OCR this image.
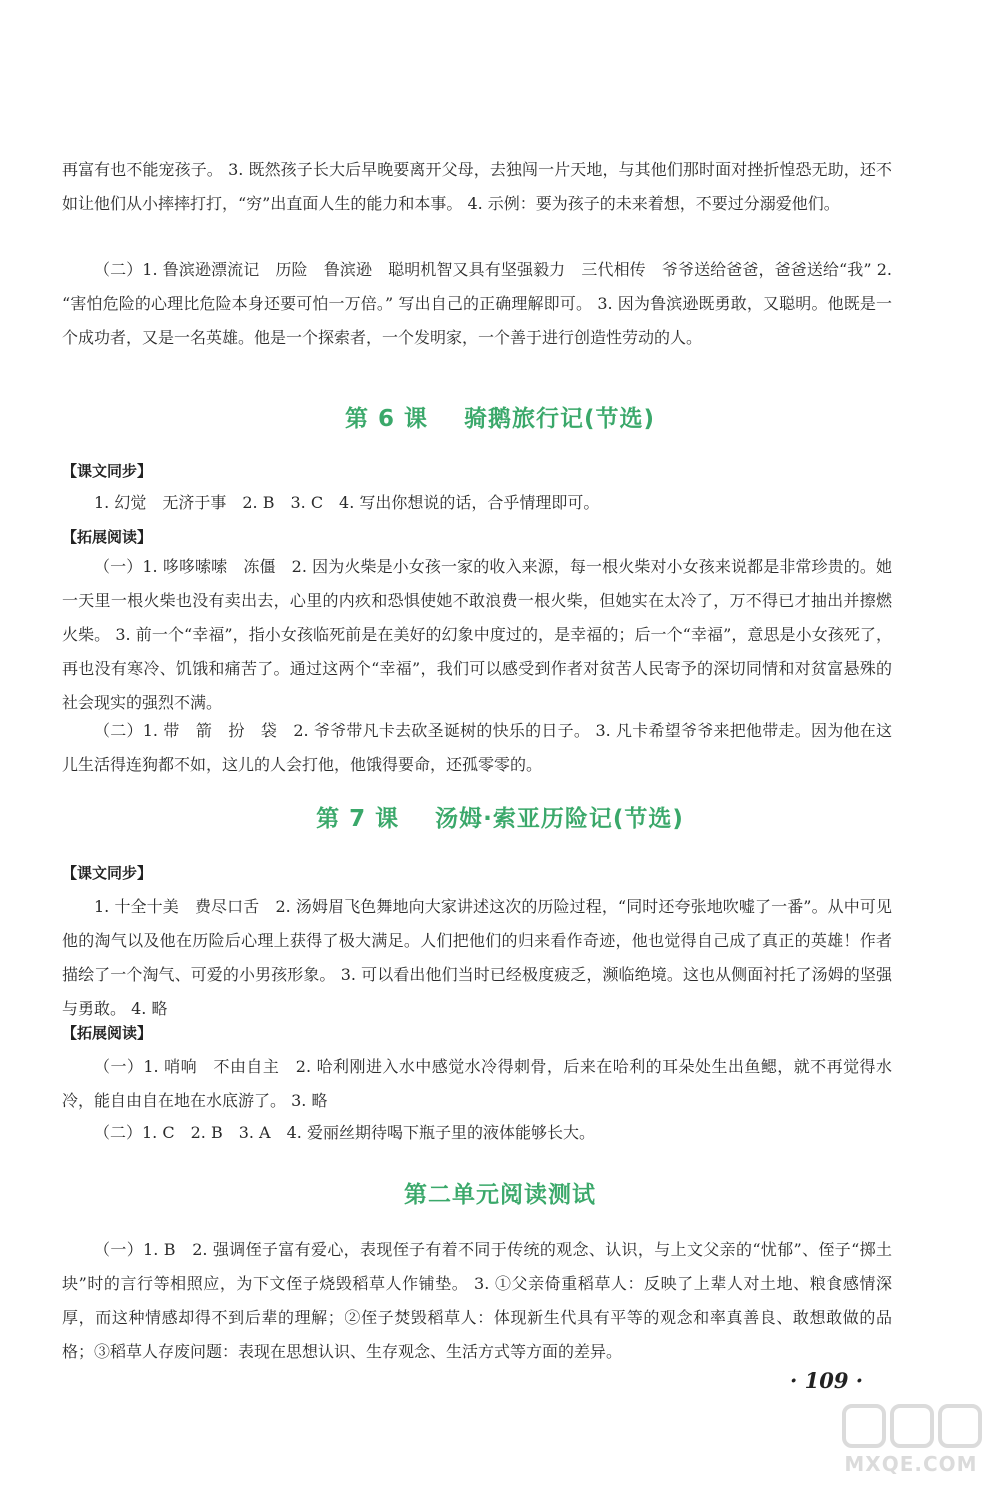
再富有也不能宠孩子。 3. 既然孩子长大后早晚要离开父母，去独闯一片天地，与其他们那时面对挫折惶恐无助，还不如让他们从小摔摔打打，“穷”出直面人生的能力和本事。 4. 示例：要为孩子的未来着想，不要过分溺爱他们。

（二）1. 鲁滨逊漂流记　历险　鲁滨逊　聪明机智又具有坚强毅力　三代相传　爷爷送给爸爸，爸爸送给“我” 2. “害怕危险的心理比危险本身还要可怕一万倍。” 写出自己的正确理解即可。 3. 因为鲁滨逊既勇敢，又聪明。他既是一个成功者，又是一名英雄。他是一个探索者，一个发明家，一个善于进行创造性劳动的人。

第 6 课 骑鹅旅行记(节选)
【课文同步】

1. 幻觉　无济于事　2. B　3. C　4. 写出你想说的话，合乎情理即可。

【拓展阅读】

（一）1. 哆哆嗦嗦　冻僵　2. 因为火柴是小女孩一家的收入来源，每一根火柴对小女孩来说都是非常珍贵的。她一天里一根火柴也没有卖出去，心里的内疚和恐惧使她不敢浪费一根火柴，但她实在太冷了，万不得已才抽出并擦燃火柴。 3. 前一个“幸福”，指小女孩临死前是在美好的幻象中度过的，是幸福的；后一个“幸福”，意思是小女孩死了，再也没有寒冷、饥饿和痛苦了。通过这两个“幸福”，我们可以感受到作者对贫苦人民寄予的深切同情和对贫富悬殊的社会现实的强烈不满。

（二）1. 带　箭　扮　袋　2. 爷爷带凡卡去砍圣诞树的快乐的日子。 3. 凡卡希望爷爷来把他带走。因为他在这儿生活得连狗都不如，这儿的人会打他，他饿得要命，还孤零零的。

第 7 课 汤姆·索亚历险记(节选)
【课文同步】

1. 十全十美　费尽口舌　2. 汤姆眉飞色舞地向大家讲述这次的历险过程，“同时还夸张地吹嘘了一番”。从中可见他的淘气以及他在历险后心理上获得了极大满足。人们把他们的归来看作奇迹，他也觉得自己成了真正的英雄！作者描绘了一个淘气、可爱的小男孩形象。 3. 可以看出他们当时已经极度疲乏，濒临绝境。这也从侧面衬托了汤姆的坚强与勇敢。 4. 略

【拓展阅读】

（一）1. 哨响　不由自主　2. 哈利刚进入水中感觉水冷得刺骨，后来在哈利的耳朵处生出鱼鳃，就不再觉得水冷，能自由自在地在水底游了。 3. 略

（二）1. C　2. B　3. A　4. 爱丽丝期待喝下瓶子里的液体能够长大。

第二单元阅读测试

（一）1. B　2. 强调侄子富有爱心，表现侄子有着不同于传统的观念、认识，与上文父亲的“忧郁”、侄子“掷土块”时的言行等相照应，为下文侄子烧毁稻草人作铺垫。 3. ①父亲倚重稻草人：反映了上辈人对土地、粮食感情深厚，而这种情感却得不到后辈的理解；②侄子焚毁稻草人：体现新生代具有平等的观念和率真善良、敢想敢做的品格；③稻草人存废问题：表现在思想认识、生存观念、生活方式等方面的差异。

· 109 ·
MXQE.COM
